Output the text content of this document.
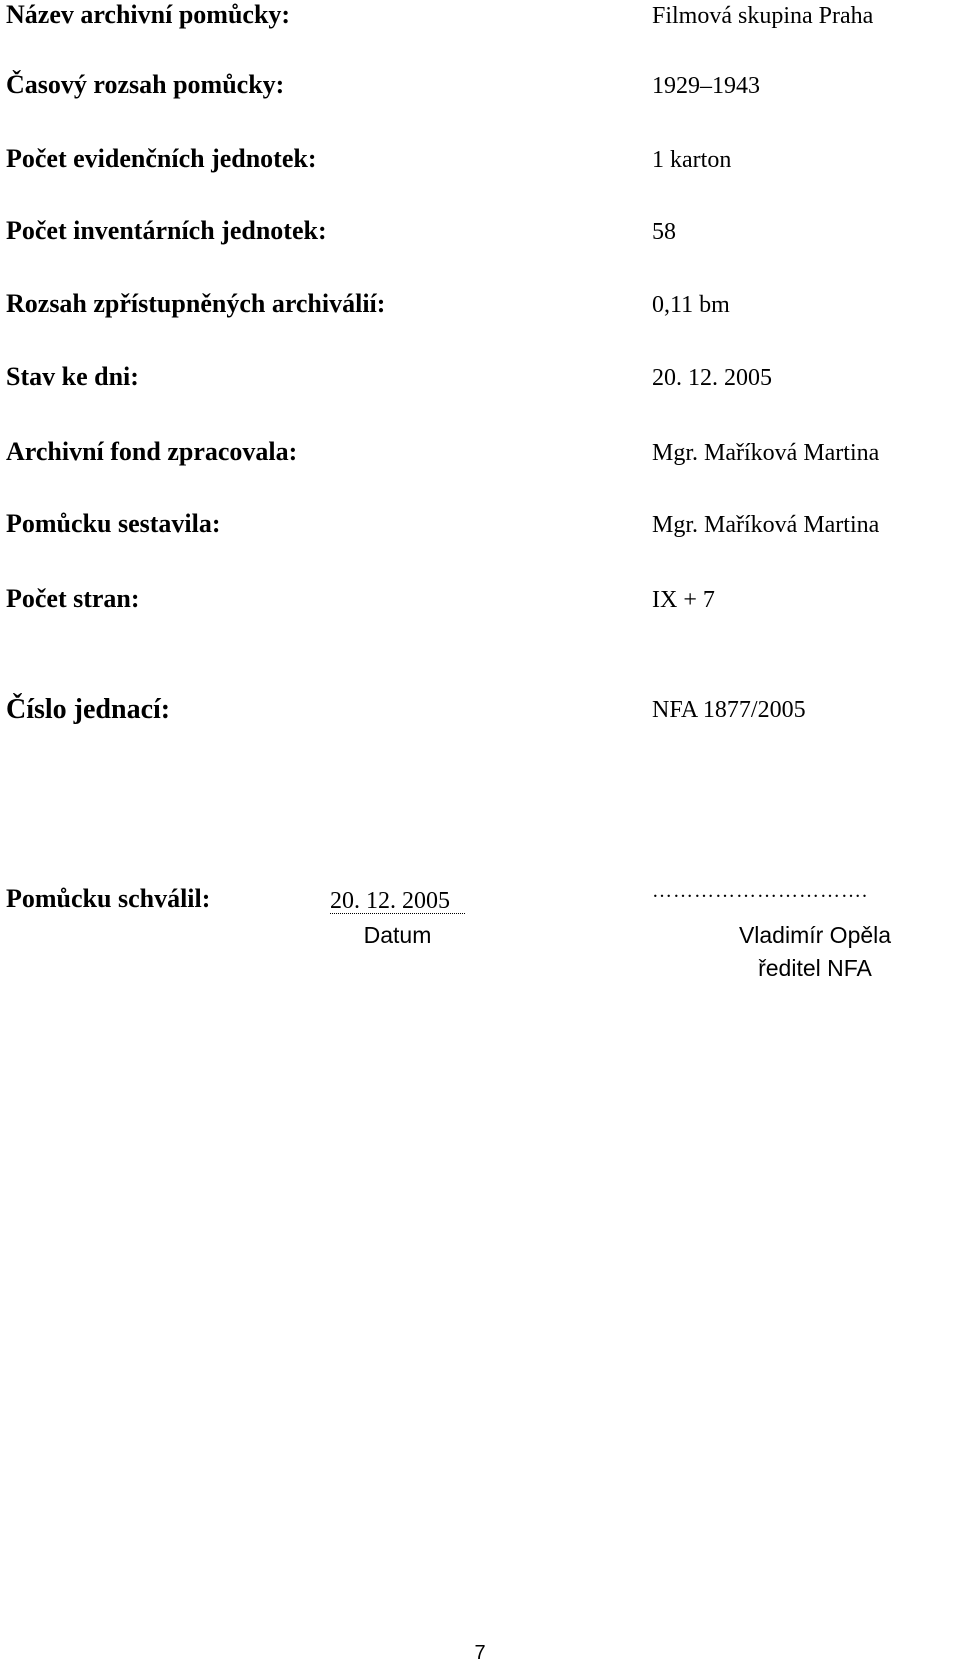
Název archivní pomůcky:	Filmová skupina Praha
Časový rozsah pomůcky:	1929–1943
Počet evidenčních jednotek:	1 karton
Počet inventárních jednotek:	58
Rozsah zpřístupněných archiválií:	0,11 bm
Stav ke dni:	20. 12. 2005
Archivní fond zpracovala:	Mgr. Maříková Martina
Pomůcku sestavila:	Mgr. Maříková Martina
Počet stran:	IX + 7
Číslo jednací:	NFA 1877/2005
Pomůcku schválil:	20. 12. 2005
Datum
………………………….
Vladimír Opěla
ředitel NFA
7
